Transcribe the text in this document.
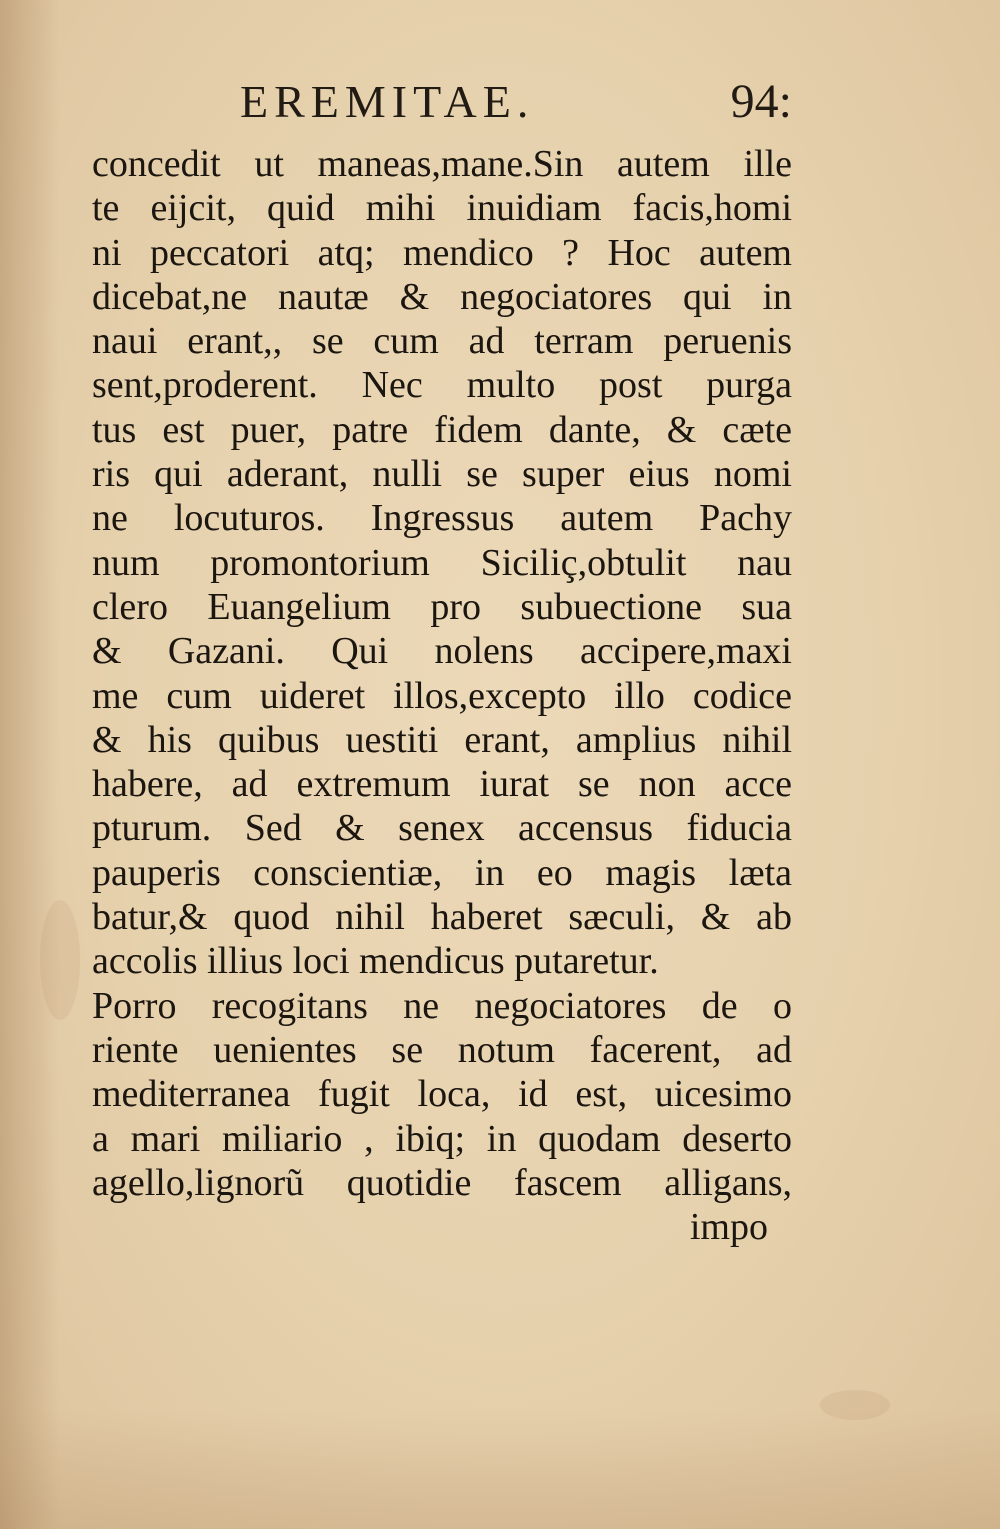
EREMITAE.	94:
concedit ut maneas,mane.Sin autem ille
te eijcit, quid mihi inuidiam facis,homi
ni peccatori atq; mendico ? Hoc autem
dicebat,ne nautæ & negociatores qui in
naui erant,, se cum ad terram peruenis
sent,proderent. Nec multo post purga
tus est puer, patre fidem dante, & cæte
ris qui aderant, nulli se super eius nomi
ne locuturos. Ingressus autem Pachy
num promontorium Siciliç,obtulit nau
clero Euangelium pro subuectione sua
& Gazani. Qui nolens accipere,maxi
me cum uideret illos,excepto illo codice
& his quibus uestiti erant, amplius nihil
habere, ad extremum iurat se non acce
pturum. Sed & senex accensus fiducia
pauperis conscientiæ, in eo magis læta
batur,& quod nihil haberet sæculi, & ab
accolis illius loci mendicus putaretur.
Porro recogitans ne negociatores de o
riente uenientes se notum facerent, ad
mediterranea fugit loca, id est, uicesimo
a mari miliario , ibiq; in quodam deserto
agello,lignorũ quotidie fascem alligans,
impo
